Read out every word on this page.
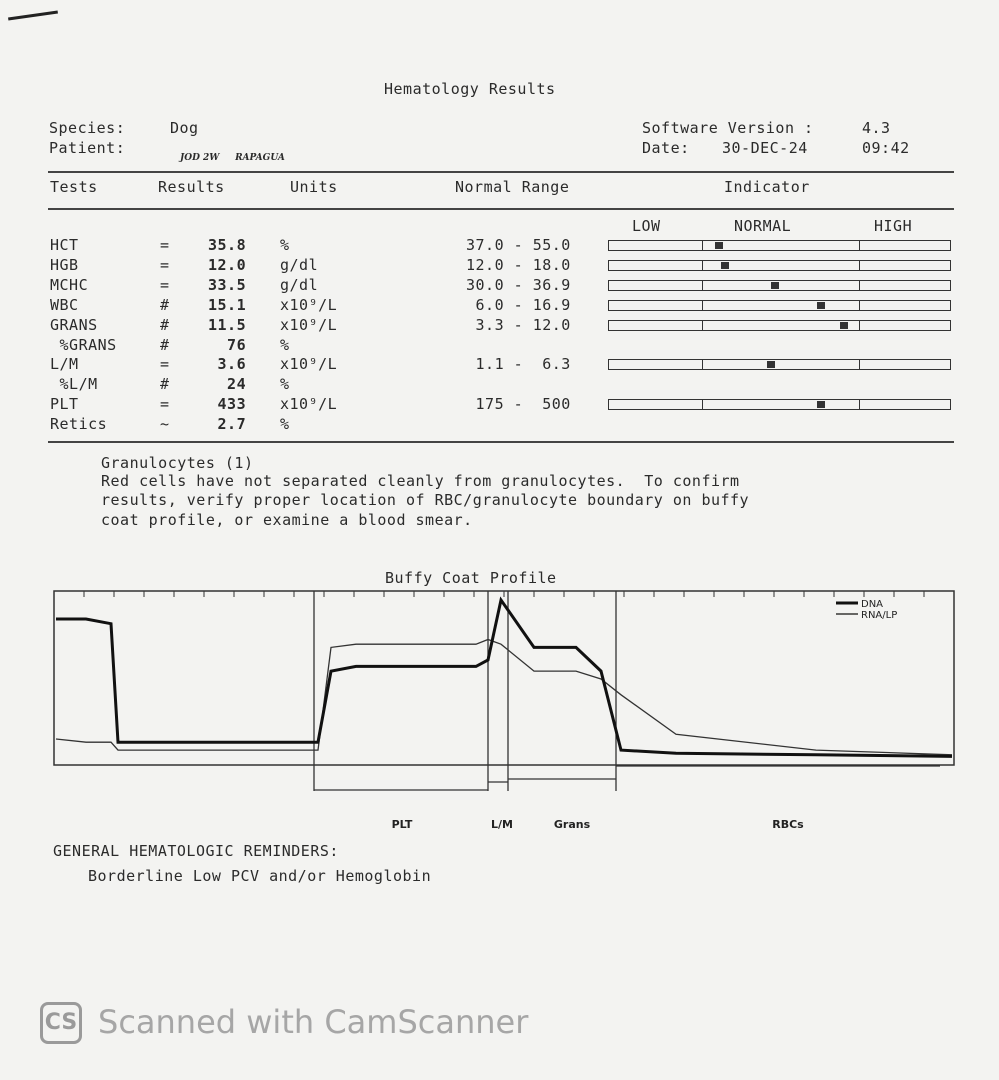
Hematology Results
Species:	Dog
Patient:
JOD 2W     RAPAGUA
Software Version :	4.3
Date: 30-DEC-24	09:42
Tests	Results	Units	Normal Range	Indicator
LOW	NORMAL	HIGH
HCT	=	35.8 %	37.0 - 55.0
HGB	=	12.0 g/dl	12.0 - 18.0
MCHC	=	33.5 g/dl	30.0 - 36.9
WBC	#	15.1 x10⁹/L	6.0 - 16.9
GRANS	#	11.5 x10⁹/L	3.3 - 12.0
%GRANS	#	76 %
L/M	=	3.6 x10⁹/L	1.1 -  6.3
%L/M	#	24 %
PLT	=	433 x10⁹/L	175 -  500
Retics	~	2.7 %
Granulocytes (1)
Red cells have not separated cleanly from granulocytes.  To confirm
results, verify proper location of RBC/granulocyte boundary on buffy
coat profile, or examine a blood smear.
Buffy Coat Profile
DNA
RNA/LP
PLT	L/M	Grans	RBCs
GENERAL HEMATOLOGIC REMINDERS:
Borderline Low PCV and/or Hemoglobin
CS Scanned with CamScanner
